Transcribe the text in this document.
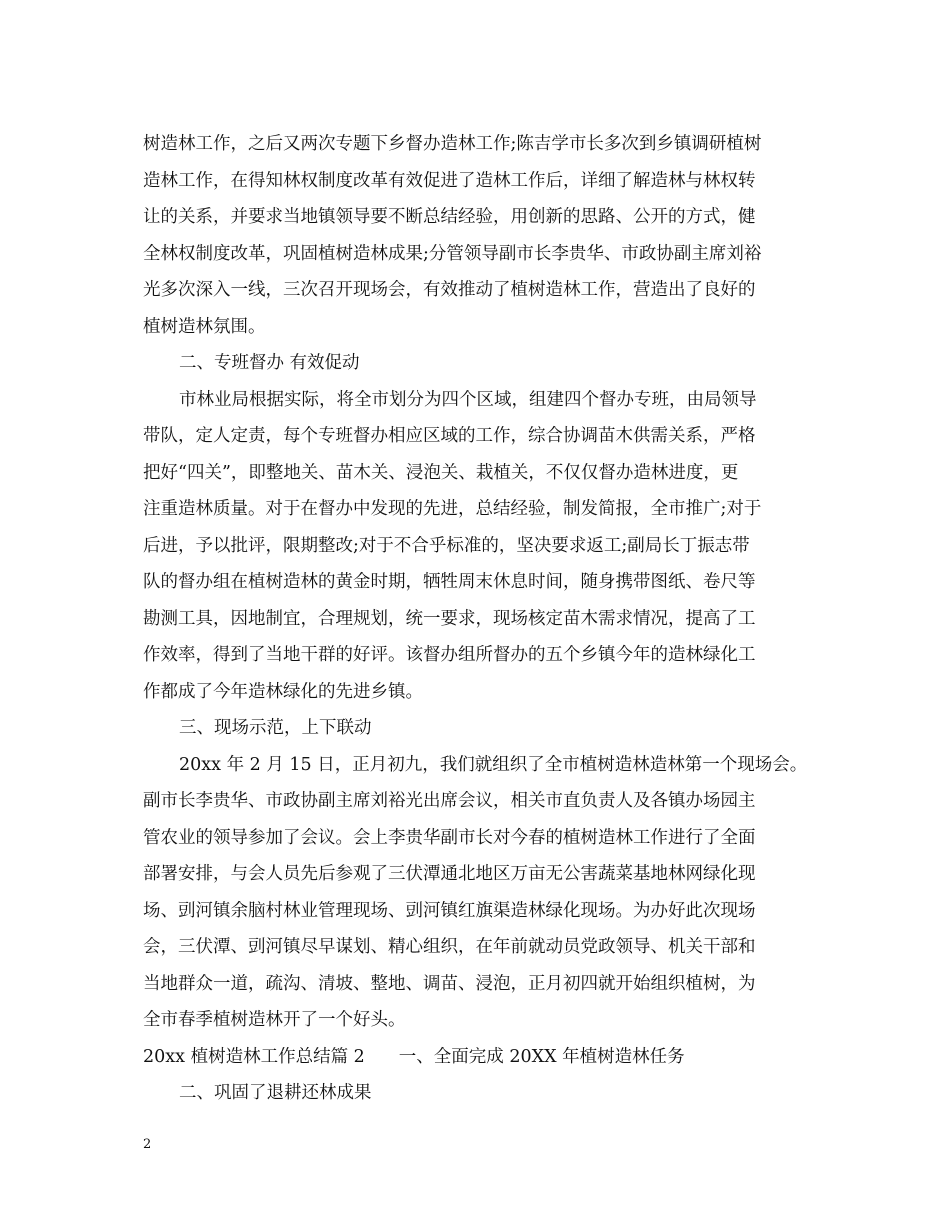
树造林工作，之后又两次专题下乡督办造林工作;陈吉学市长多次到乡镇调研植树
造林工作，在得知林权制度改革有效促进了造林工作后，详细了解造林与林权转
让的关系，并要求当地镇领导要不断总结经验，用创新的思路、公开的方式，健
全林权制度改革，巩固植树造林成果;分管领导副市长李贵华、市政协副主席刘裕
光多次深入一线，三次召开现场会，有效推动了植树造林工作，营造出了良好的
植树造林氛围。
二、专班督办 有效促动
市林业局根据实际，将全市划分为四个区域，组建四个督办专班，由局领导
带队，定人定责，每个专班督办相应区域的工作，综合协调苗木供需关系，严格
把好“四关”，即整地关、苗木关、浸泡关、栽植关，不仅仅督办造林进度，更
注重造林质量。对于在督办中发现的先进，总结经验，制发简报，全市推广;对于
后进，予以批评，限期整改;对于不合乎标准的，坚决要求返工;副局长丁振志带
队的督办组在植树造林的黄金时期，牺牲周末休息时间，随身携带图纸、卷尺等
勘测工具，因地制宜，合理规划，统一要求，现场核定苗木需求情况，提高了工
作效率，得到了当地干群的好评。该督办组所督办的五个乡镇今年的造林绿化工
作都成了今年造林绿化的先进乡镇。
三、现场示范，上下联动
20xx 年 2 月 15 日，正月初九，我们就组织了全市植树造林造林第一个现场会。
副市长李贵华、市政协副主席刘裕光出席会议，相关市直负责人及各镇办场园主
管农业的领导参加了会议。会上李贵华副市长对今春的植树造林工作进行了全面
部署安排，与会人员先后参观了三伏潭通北地区万亩无公害蔬菜基地林网绿化现
场、剅河镇余脑村林业管理现场、剅河镇红旗渠造林绿化现场。为办好此次现场
会，三伏潭、剅河镇尽早谋划、精心组织，在年前就动员党政领导、机关干部和
当地群众一道，疏沟、清坡、整地、调苗、浸泡，正月初四就开始组织植树，为
全市春季植树造林开了一个好头。
20xx 植树造林工作总结篇 2 一、全面完成 20XX 年植树造林任务
二、巩固了退耕还林成果
2
